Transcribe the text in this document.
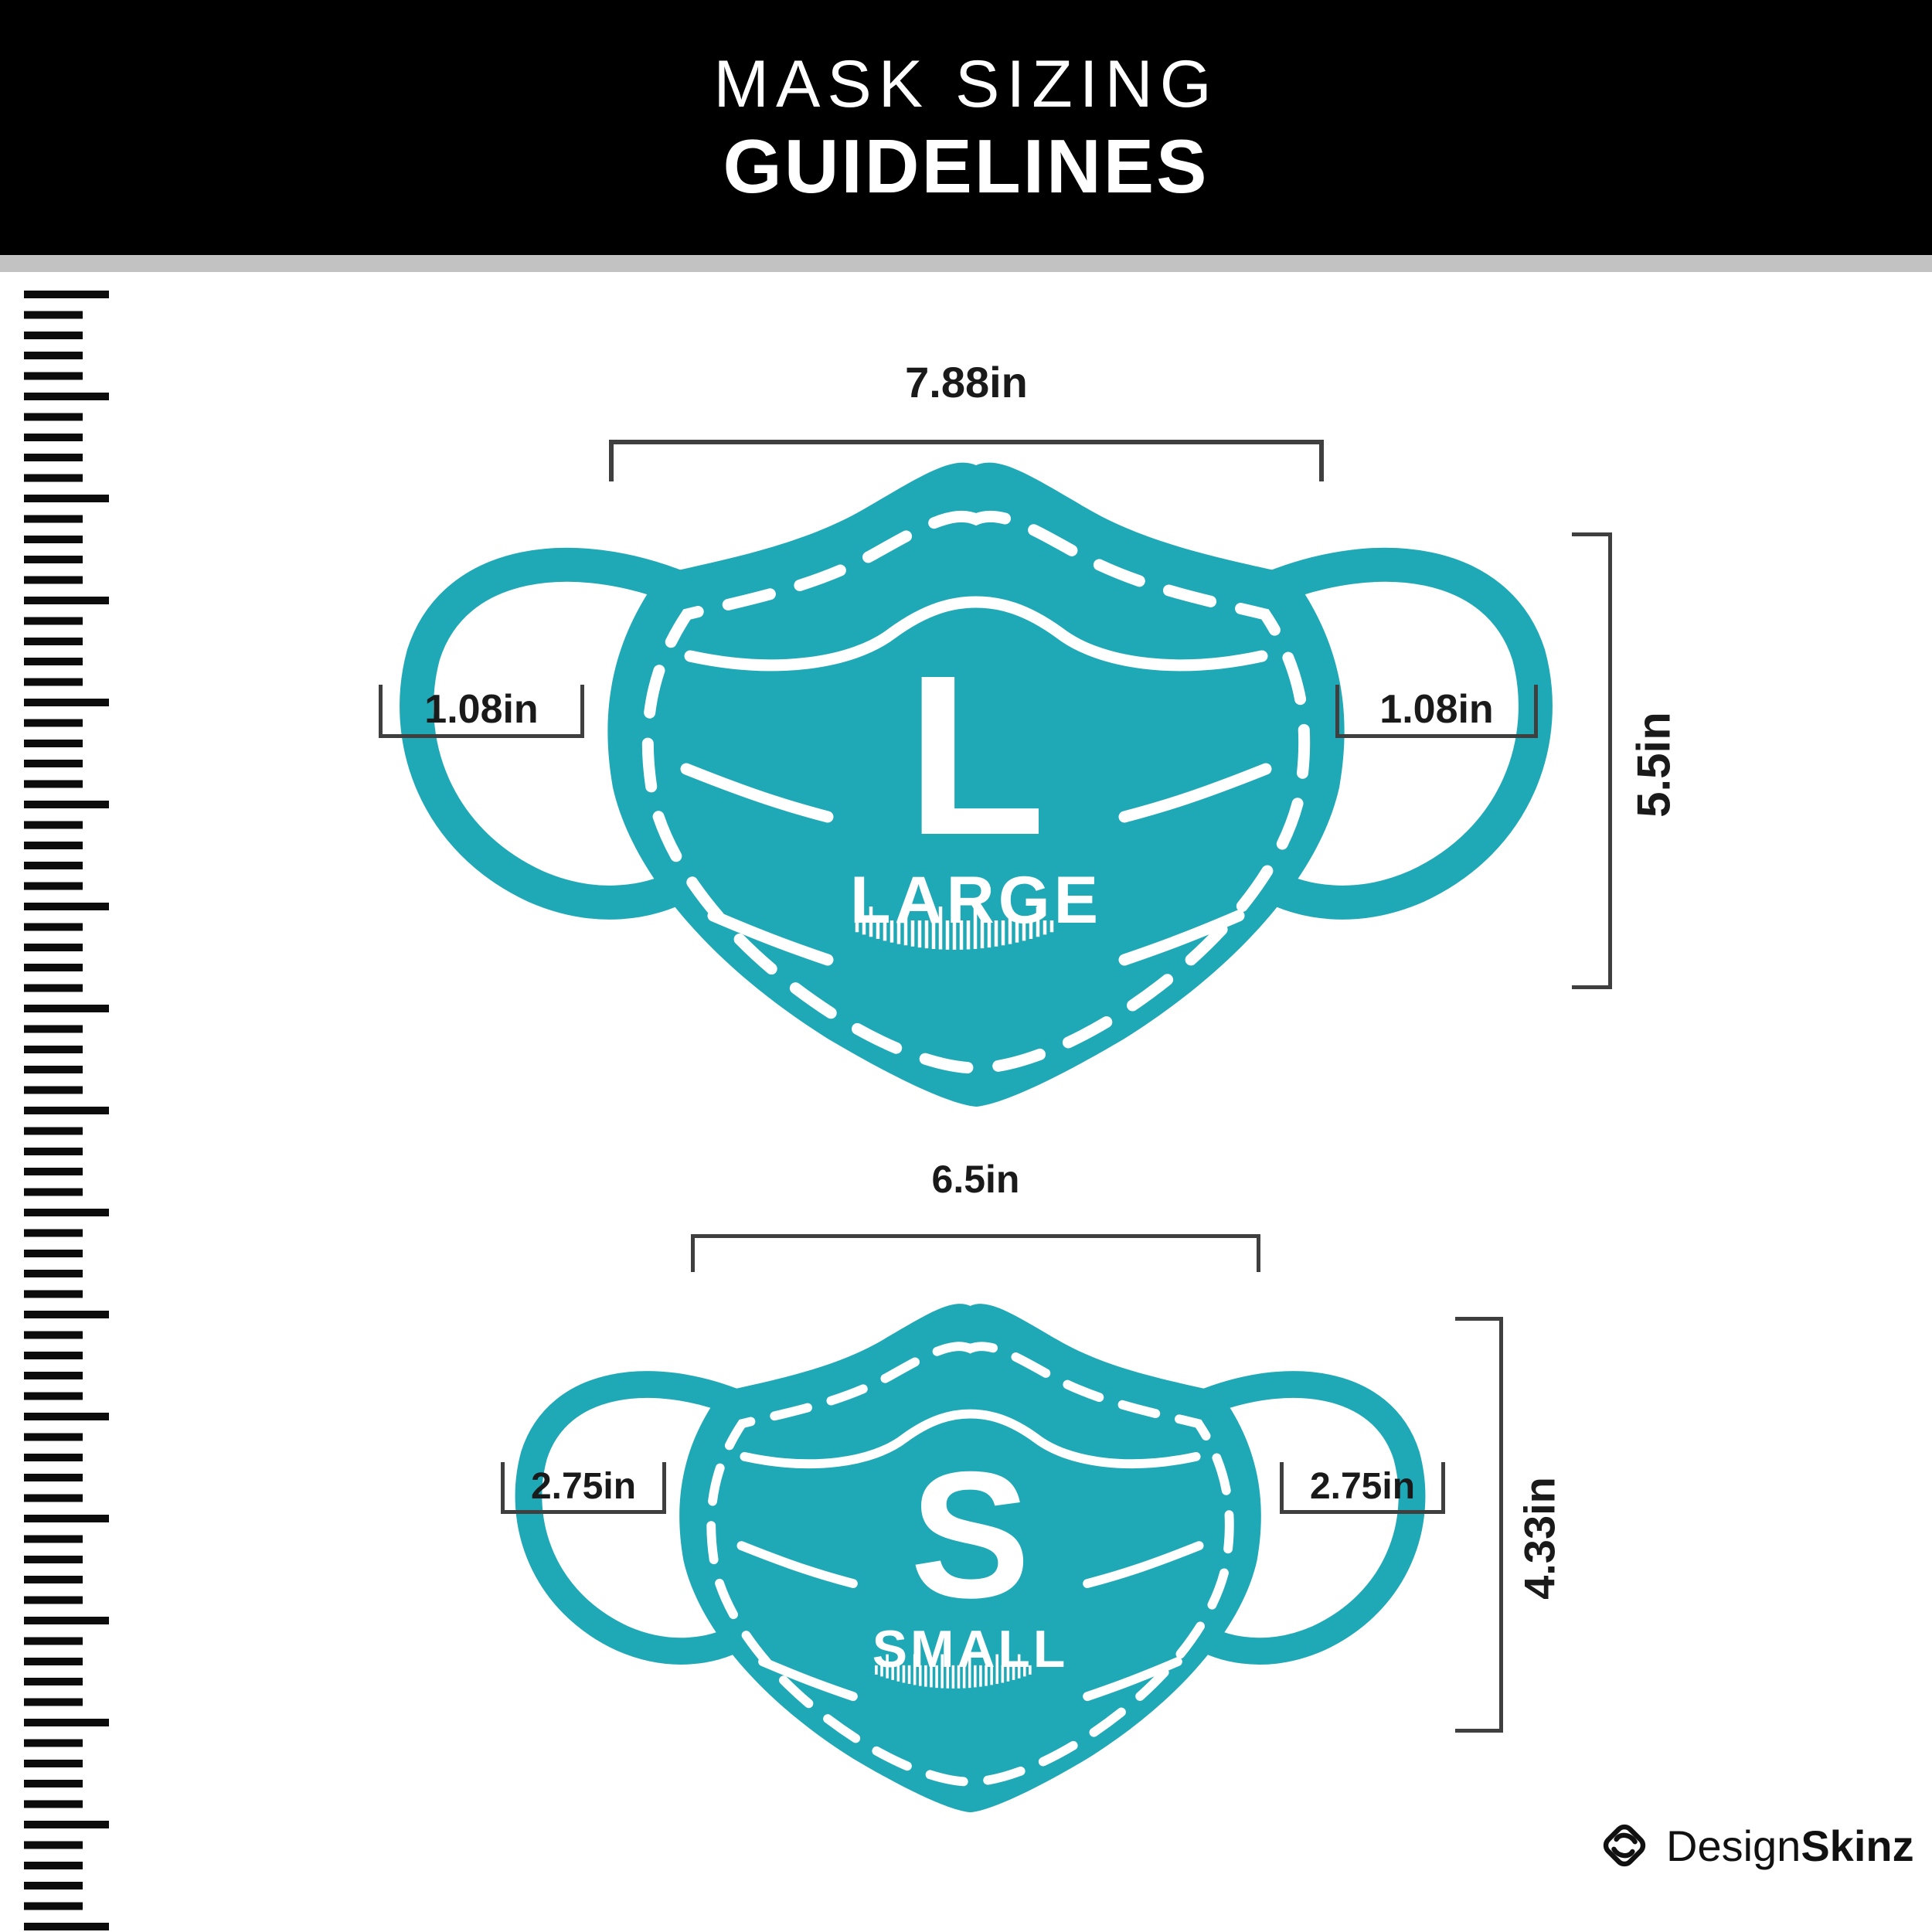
MASK SIZING
GUIDELINES
7.88in
L
LARGE
1.08in	1.08in
5.5in
6.5in
S
SMALL
2.75in	2.75in 4.33in
DesignSkinz
